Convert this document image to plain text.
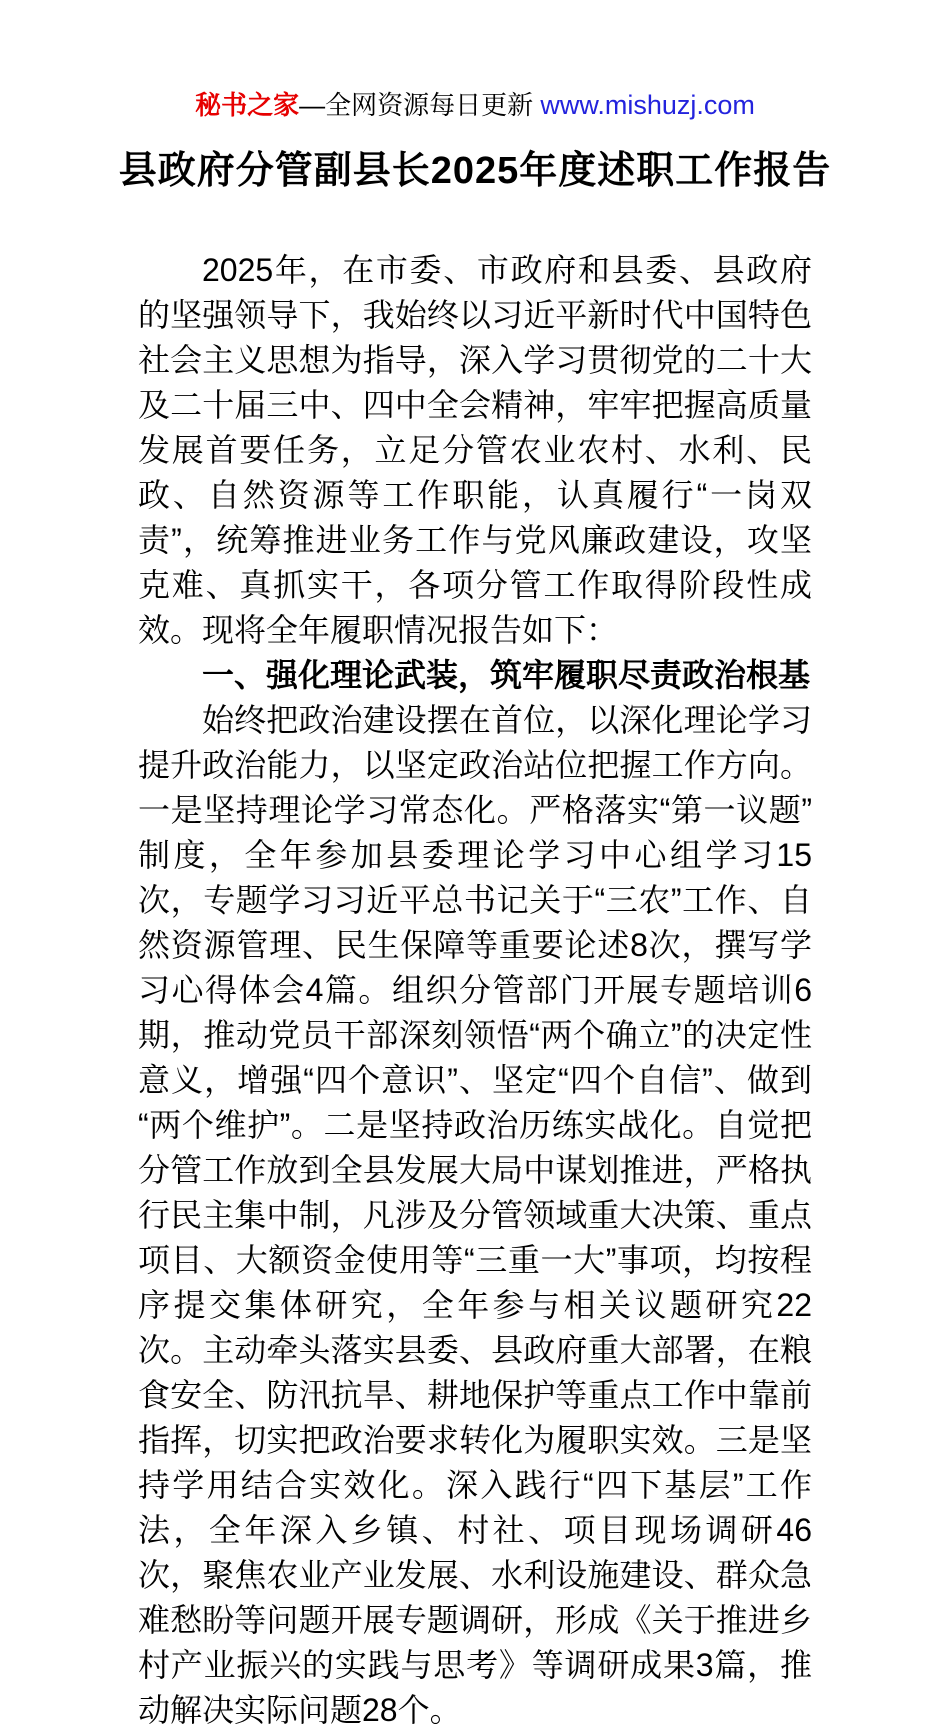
秘书之家—全网资源每日更新 www.mishuzj.com
县政府分管副县长2025年度述职工作报告

2025年，在市委、市政府和县委、县政府的坚强领导下，我始终以习近平新时代中国特色社会主义思想为指导，深入学习贯彻党的二十大及二十届三中、四中全会精神，牢牢把握高质量发展首要任务，立足分管农业农村、水利、民政、自然资源等工作职能，认真履行“一岗双责”，统筹推进业务工作与党风廉政建设，攻坚克难、真抓实干，各项分管工作取得阶段性成效。现将全年履职情况报告如下：

一、强化理论武装，筑牢履职尽责政治根基

始终把政治建设摆在首位，以深化理论学习提升政治能力，以坚定政治站位把握工作方向。一是坚持理论学习常态化。严格落实“第一议题”制度，全年参加县委理论学习中心组学习15次，专题学习习近平总书记关于“三农”工作、自然资源管理、民生保障等重要论述8次，撰写学习心得体会4篇。组织分管部门开展专题培训6期，推动党员干部深刻领悟“两个确立”的决定性意义，增强“四个意识”、坚定“四个自信”、做到“两个维护”。二是坚持政治历练实战化。自觉把分管工作放到全县发展大局中谋划推进，严格执行民主集中制，凡涉及分管领域重大决策、重点项目、大额资金使用等“三重一大”事项，均按程序提交集体研究，全年参与相关议题研究22次。主动牵头落实县委、县政府重大部署，在粮食安全、防汛抗旱、耕地保护等重点工作中靠前指挥，切实把政治要求转化为履职实效。三是坚持学用结合实效化。深入践行“四下基层”工作法，全年深入乡镇、村社、项目现场调研46次，聚焦农业产业发展、水利设施建设、群众急难愁盼等问题开展专题调研，形成《关于推进乡村产业振兴的实践与思考》等调研成果3篇，推动解决实际问题28个。
